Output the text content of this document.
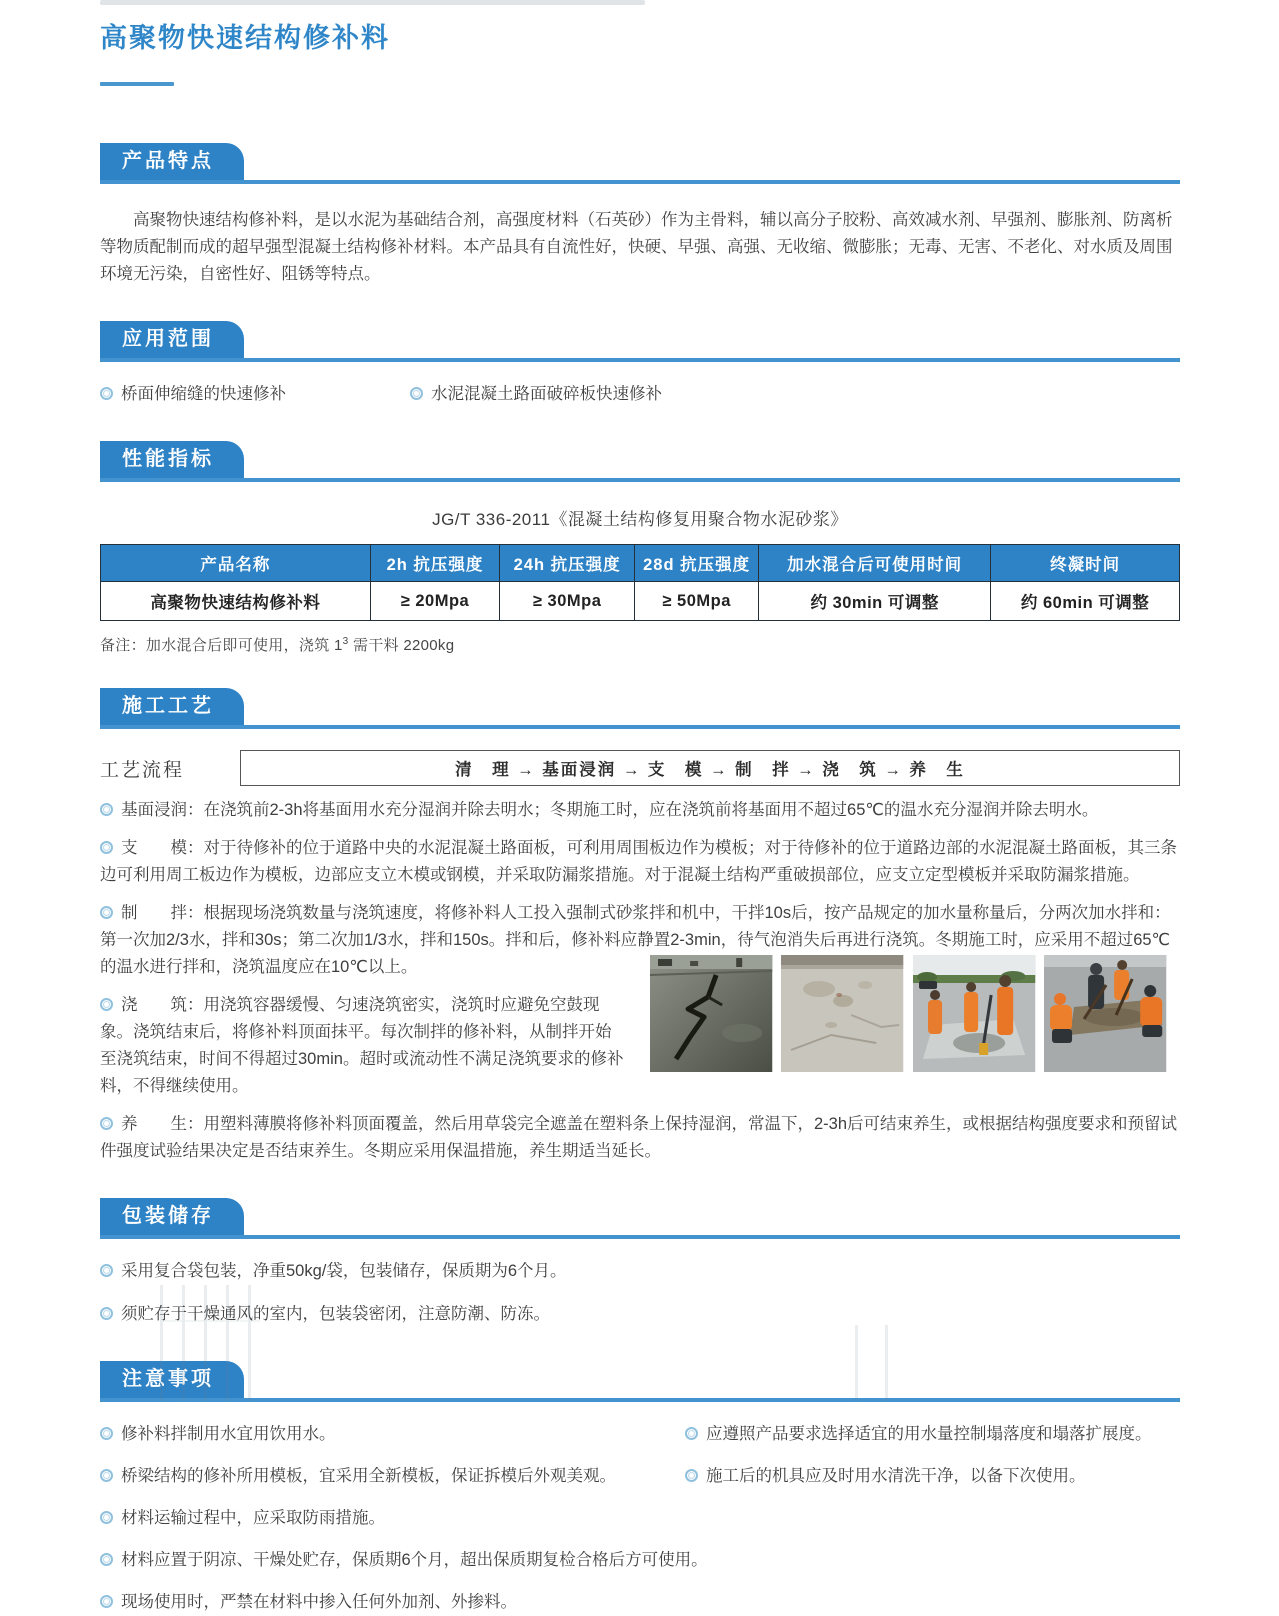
高聚物快速结构修补料
产品特点

高聚物快速结构修补料，是以水泥为基础结合剂，高强度材料（石英砂）作为主骨料，辅以高分子胶粉、高效减水剂、早强剂、膨胀剂、防离析等物质配制而成的超早强型混凝土结构修补材料。本产品具有自流性好，快硬、早强、高强、无收缩、微膨胀；无毒、无害、不老化、对水质及周围环境无污染，自密性好、阻锈等特点。

应用范围

桥面伸缩缝的快速修补	水泥混凝土路面破碎板快速修补

性能指标

JG/T 336-2011《混凝土结构修复用聚合物水泥砂浆》

产品名称	2h 抗压强度	24h 抗压强度	28d 抗压强度	加水混合后可使用时间	终凝时间
高聚物快速结构修补料	≥ 20Mpa	≥ 30Mpa	≥ 50Mpa	约 30min 可调整	约 60min 可调整

备注：加水混合后即可使用，浇筑 $1^3$ 需干料 2200kg

施工工艺
工艺流程	清　理 → 基面浸润 → 支　模 → 制　拌 → 浇　筑 → 养　生

基面浸润：在浇筑前2-3h将基面用水充分湿润并除去明水；冬期施工时，应在浇筑前将基面用不超过65℃的温水充分湿润并除去明水。

支　　模：对于待修补的位于道路中央的水泥混凝土路面板，可利用周围板边作为模板；对于待修补的位于道路边部的水泥混凝土路面板，其三条边可利用周工板边作为模板，边部应支立木模或钢模，并采取防漏浆措施。对于混凝土结构严重破损部位，应支立定型模板并采取防漏浆措施。

制　　拌：根据现场浇筑数量与浇筑速度，将修补料人工投入强制式砂浆拌和机中，干拌10s后，按产品规定的加水量称量后，分两次加水拌和：第一次加2/3水，拌和30s；第二次加1/3水，拌和150s。拌和后，修补料应静置2-3min，待气泡消失后再进行浇筑。冬期施工时，应采用不超过65℃的温水进行拌和，浇筑温度应在10℃以上。

浇　　筑：用浇筑容器缓慢、匀速浇筑密实，浇筑时应避免空鼓现象。浇筑结束后，将修补料顶面抹平。每次制拌的修补料，从制拌开始至浇筑结束，时间不得超过30min。超时或流动性不满足浇筑要求的修补料，不得继续使用。

养　　生：用塑料薄膜将修补料顶面覆盖，然后用草袋完全遮盖在塑料条上保持湿润，常温下，2-3h后可结束养生，或根据结构强度要求和预留试件强度试验结果决定是否结束养生。冬期应采用保温措施，养生期适当延长。

包装储存

采用复合袋包装，净重50kg/袋，包装储存，保质期为6个月。

须贮存于干燥通风的室内，包装袋密闭，注意防潮、防冻。

注意事项

修补料拌制用水宜用饮用水。	应遵照产品要求选择适宜的用水量控制塌落度和塌落扩展度。

桥梁结构的修补所用模板，宜采用全新模板，保证拆模后外观美观。	施工后的机具应及时用水清洗干净，以备下次使用。

材料运输过程中，应采取防雨措施。

材料应置于阴凉、干燥处贮存，保质期6个月，超出保质期复检合格后方可使用。

现场使用时，严禁在材料中掺入任何外加剂、外掺料。
